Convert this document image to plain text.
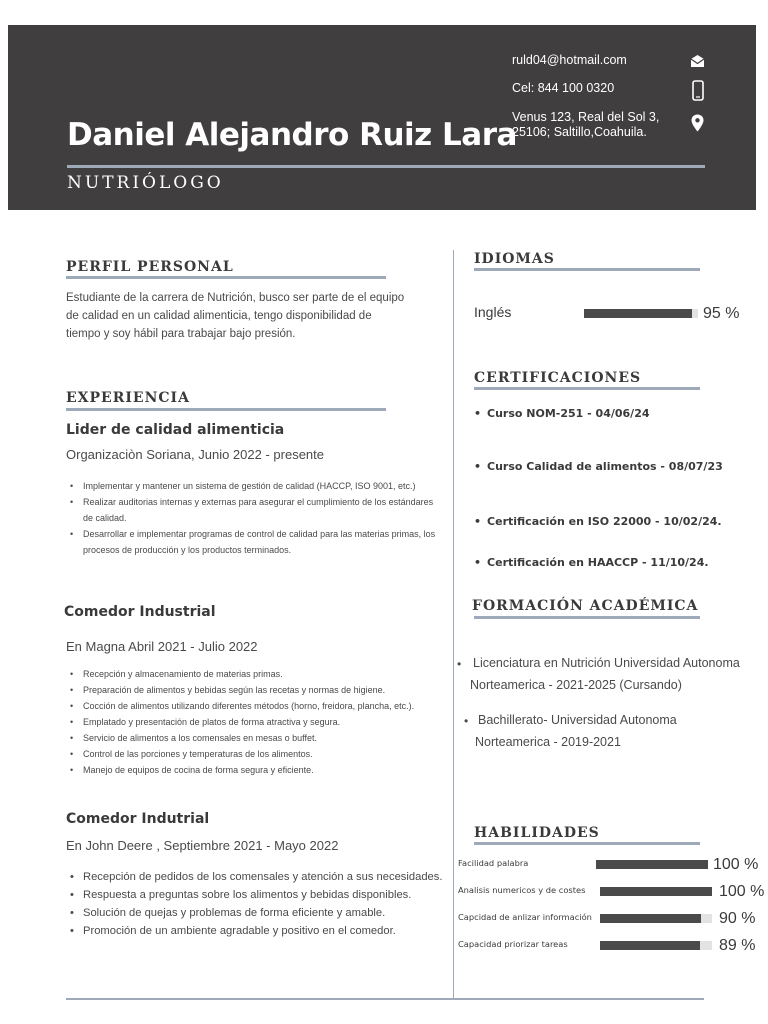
Daniel Alejandro Ruiz Lara
NUTRIÓLOGO
ruld04@hotmail.com
Cel: 844 100 0320
Venus 123, Real del Sol 3,
25106; Saltillo,Coahuila.
PERFIL PERSONAL
Estudiante de la carrera de Nutrición, busco ser parte de el equipo
de calidad en un calidad alimenticia, tengo disponibilidad de
tiempo y soy hábil para trabajar bajo presión.
EXPERIENCIA
Lider de calidad alimenticia
Organizaciòn Soriana, Junio 2022 - presente
• Implementar y mantener un sistema de gestión de calidad (HACCP, ISO 9001, etc.)
• Realizar auditorias internas y externas para asegurar el cumplimiento de los estándares de calidad.
• Desarrollar e implementar programas de control de calidad para las materias primas, los procesos de producción y los productos terminados.
Comedor Industrial
En Magna Abril 2021 - Julio 2022
• Recepción y almacenamiento de materias primas.
• Preparación de alimentos y bebidas según las recetas y normas de higiene.
• Cocción de alimentos utilizando diferentes métodos (horno, freidora, plancha, etc.).
• Emplatado y presentación de platos de forma atractiva y segura.
• Servicio de alimentos a los comensales en mesas o buffet.
• Control de las porciones y temperaturas de los alimentos.
• Manejo de equipos de cocina de forma segura y eficiente.
Comedor Indutrial
En John Deere , Septiembre 2021 - Mayo 2022
• Recepción de pedidos de los comensales y atención a sus necesidades.
• Respuesta a preguntas sobre los alimentos y bebidas disponibles.
• Solución de quejas y problemas de forma eficiente y amable.
• Promoción de un ambiente agradable y positivo en el comedor.
IDIOMAS
Inglés	95 %
CERTIFICACIONES
• Curso NOM-251 - 04/06/24
• Curso Calidad de alimentos - 08/07/23
• Certificación en ISO 22000 - 10/02/24.
• Certificación en HAACCP - 11/10/24.
FORMACIÓN ACADÉMICA
• Licenciatura en Nutrición Universidad Autonoma
Norteamerica - 2021-2025 (Cursando)
• Bachillerato- Universidad Autonoma
Norteamerica - 2019-2021
HABILIDADES
Facilidad palabra	100 %
Analisis numericos y de costes	100 %
Capcidad de anlizar información	90 %
Capacidad priorizar tareas	89 %
